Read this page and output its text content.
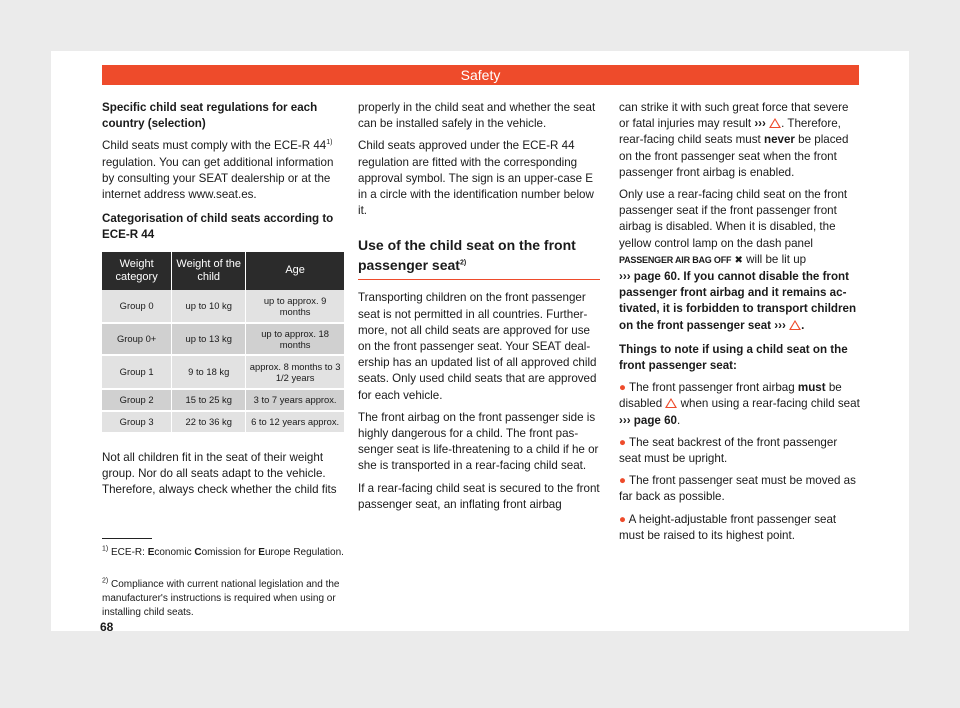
Safety

Specific child seat regulations for each country (selection)

Child seats must comply with the ECE-R 44$^{1)}$ regulation. You can get additional information by consulting your SEAT dealership or at the internet address www.seat.es.

Categorisation of child seats according to ECE-R 44

Weight category	Weight of the child	Age
Group 0	up to 10 kg	up to approx. 9 months
Group 0+	up to 13 kg	up to approx. 18 months
Group 1	9 to 18 kg	approx. 8 months to 3 1/2 years
Group 2	15 to 25 kg	3 to 7 years approx.
Group 3	22 to 36 kg	6 to 12 years approx.

Not all children fit in the seat of their weight group. Nor do all seats adapt to the vehicle. Therefore, always check whether the child fits

properly in the child seat and whether the seat can be installed safely in the vehicle.

Child seats approved under the ECE-R 44 regulation are fitted with the corresponding approval symbol. The sign is an upper-case E in a circle with the identification number below it.

Use of the child seat on the front passenger seat$^{2)}$

Transporting children on the front passenger seat is not permitted in all countries. Furthermore, not all child seats are approved for use on the front passenger seat. Your SEAT dealership has an updated list of all approved child seats. Only used child seats that are approved for each vehicle.

The front airbag on the front passenger side is highly dangerous for a child. The front passenger seat is life-threatening to a child if he or she is transported in a rear-facing child seat.

If a rear-facing child seat is secured to the front passenger seat, an inflating front airbag

can strike it with such great force that severe or fatal injuries may result ››› . Therefore, rear-facing child seats must never be placed on the front passenger seat when the front passenger front airbag is enabled.

Only use a rear-facing child seat on the front passenger seat if the front passenger front airbag is disabled. When it is disabled, the yellow control lamp on the dash panel PASSENGER AIR BAG OFF ✖ will be lit up
››› page 60. If you cannot disable the front passenger front airbag and it remains activated, it is forbidden to transport children on the front passenger seat ››› .

Things to note if using a child seat on the front passenger seat:

● The front passenger front airbag must be disabled  when using a rear-facing child seat ››› page 60.

● The seat backrest of the front passenger seat must be upright.

● The front passenger seat must be moved as far back as possible.

● A height-adjustable front passenger seat must be raised to its highest point.

$^{1)}$ ECE-R: Economic Comission for Europe Regulation.
$^{2)}$ Compliance with current national legislation and the manufacturer's instructions is required when using or installing child seats.
68
